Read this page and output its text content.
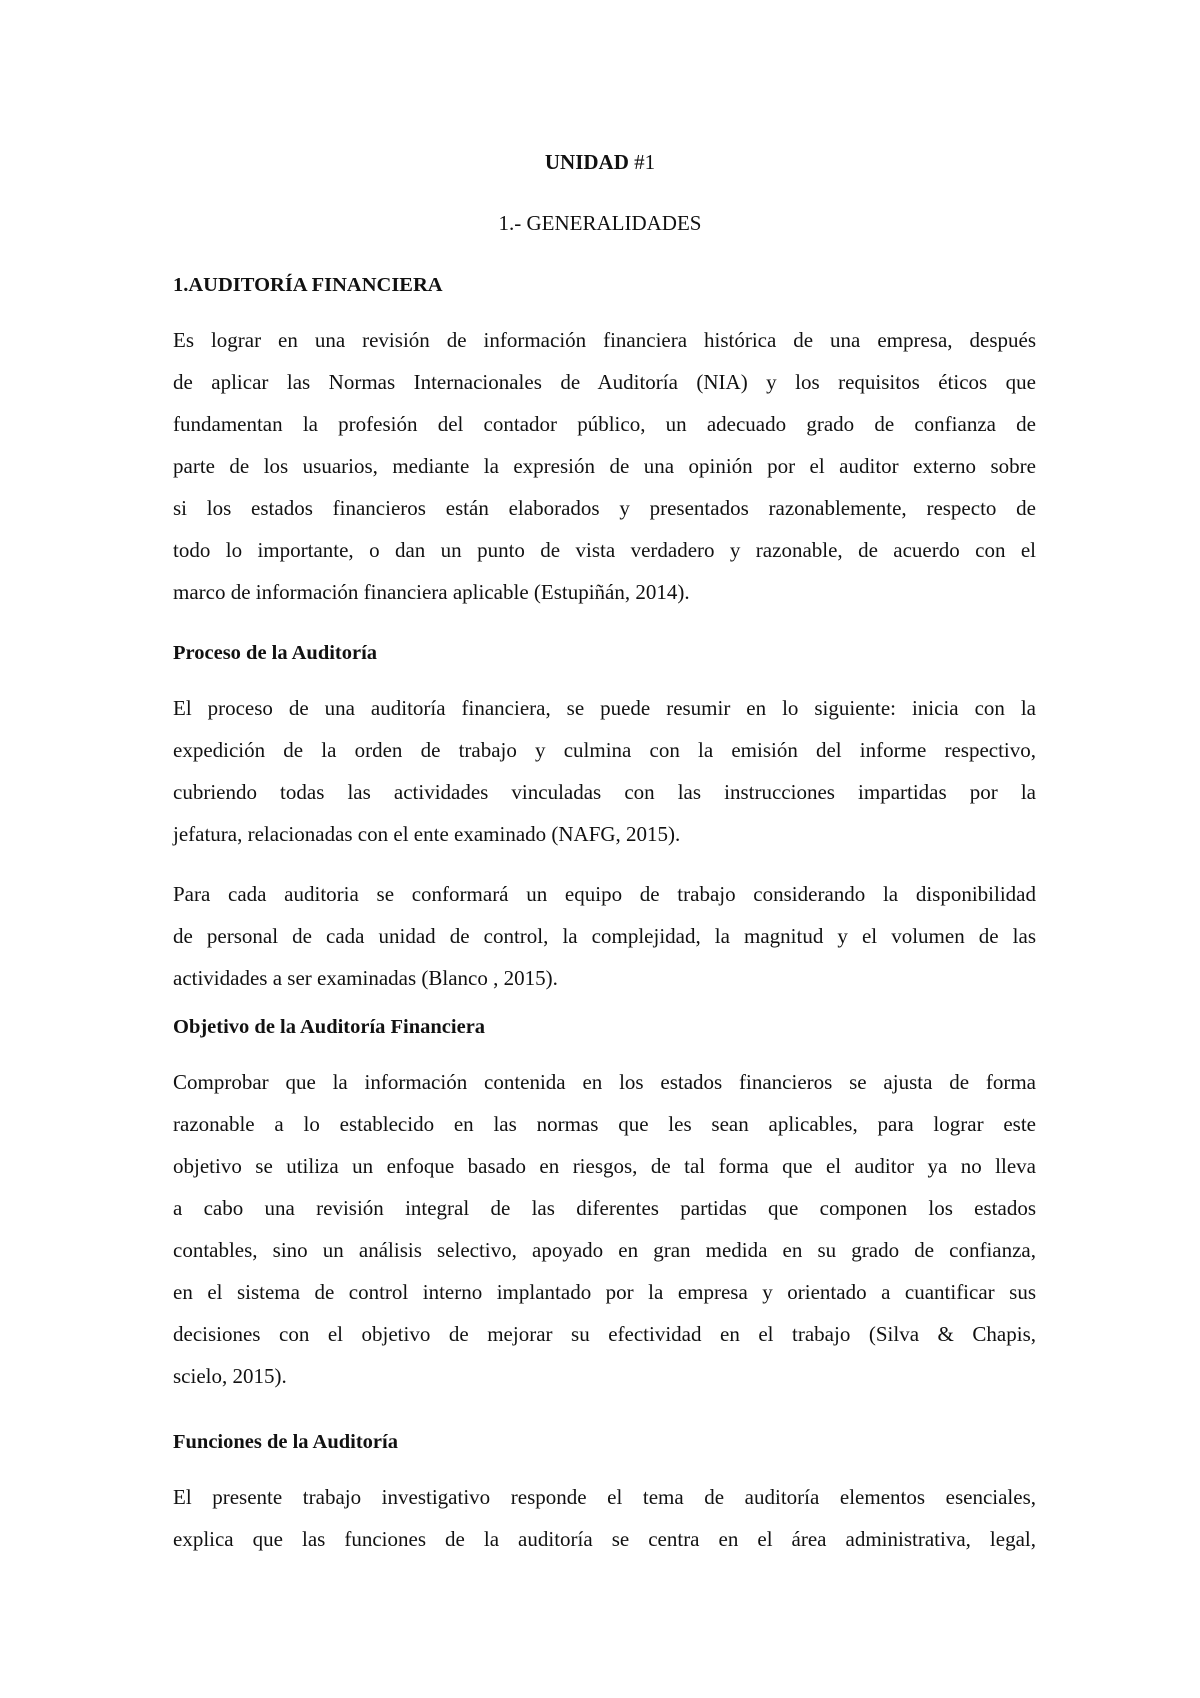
UNIDAD #1
1.- GENERALIDADES
1.AUDITORÍA FINANCIERA
Es lograr en una revisión de información financiera histórica de una empresa, después
de aplicar las Normas Internacionales de Auditoría (NIA) y los requisitos éticos que
fundamentan la profesión del contador público, un adecuado grado de confianza de
parte de los usuarios, mediante la expresión de una opinión por el auditor externo sobre
si los estados financieros están elaborados y presentados razonablemente, respecto de
todo lo importante, o dan un punto de vista verdadero y razonable, de acuerdo con el
marco de información financiera aplicable (Estupiñán, 2014).
Proceso de la Auditoría
El proceso de una auditoría financiera, se puede resumir en lo siguiente: inicia con la
expedición de la orden de trabajo y culmina con la emisión del informe respectivo,
cubriendo todas las actividades vinculadas con las instrucciones impartidas por la
jefatura, relacionadas con el ente examinado (NAFG, 2015).
Para cada auditoria se conformará un equipo de trabajo considerando la disponibilidad
de personal de cada unidad de control, la complejidad, la magnitud y el volumen de las
actividades a ser examinadas (Blanco , 2015).
Objetivo de la Auditoría Financiera
Comprobar que la información contenida en los estados financieros se ajusta de forma
razonable a lo establecido en las normas que les sean aplicables, para lograr este
objetivo se utiliza un enfoque basado en riesgos, de tal forma que el auditor ya no lleva
a cabo una revisión integral de las diferentes partidas que componen los estados
contables, sino un análisis selectivo, apoyado en gran medida en su grado de confianza,
en el sistema de control interno implantado por la empresa y orientado a cuantificar sus
decisiones con el objetivo de mejorar su efectividad en el trabajo (Silva & Chapis,
scielo, 2015).
Funciones de la Auditoría
El presente trabajo investigativo responde el tema de auditoría elementos esenciales,
explica que las funciones de la auditoría se centra en el área administrativa, legal,
